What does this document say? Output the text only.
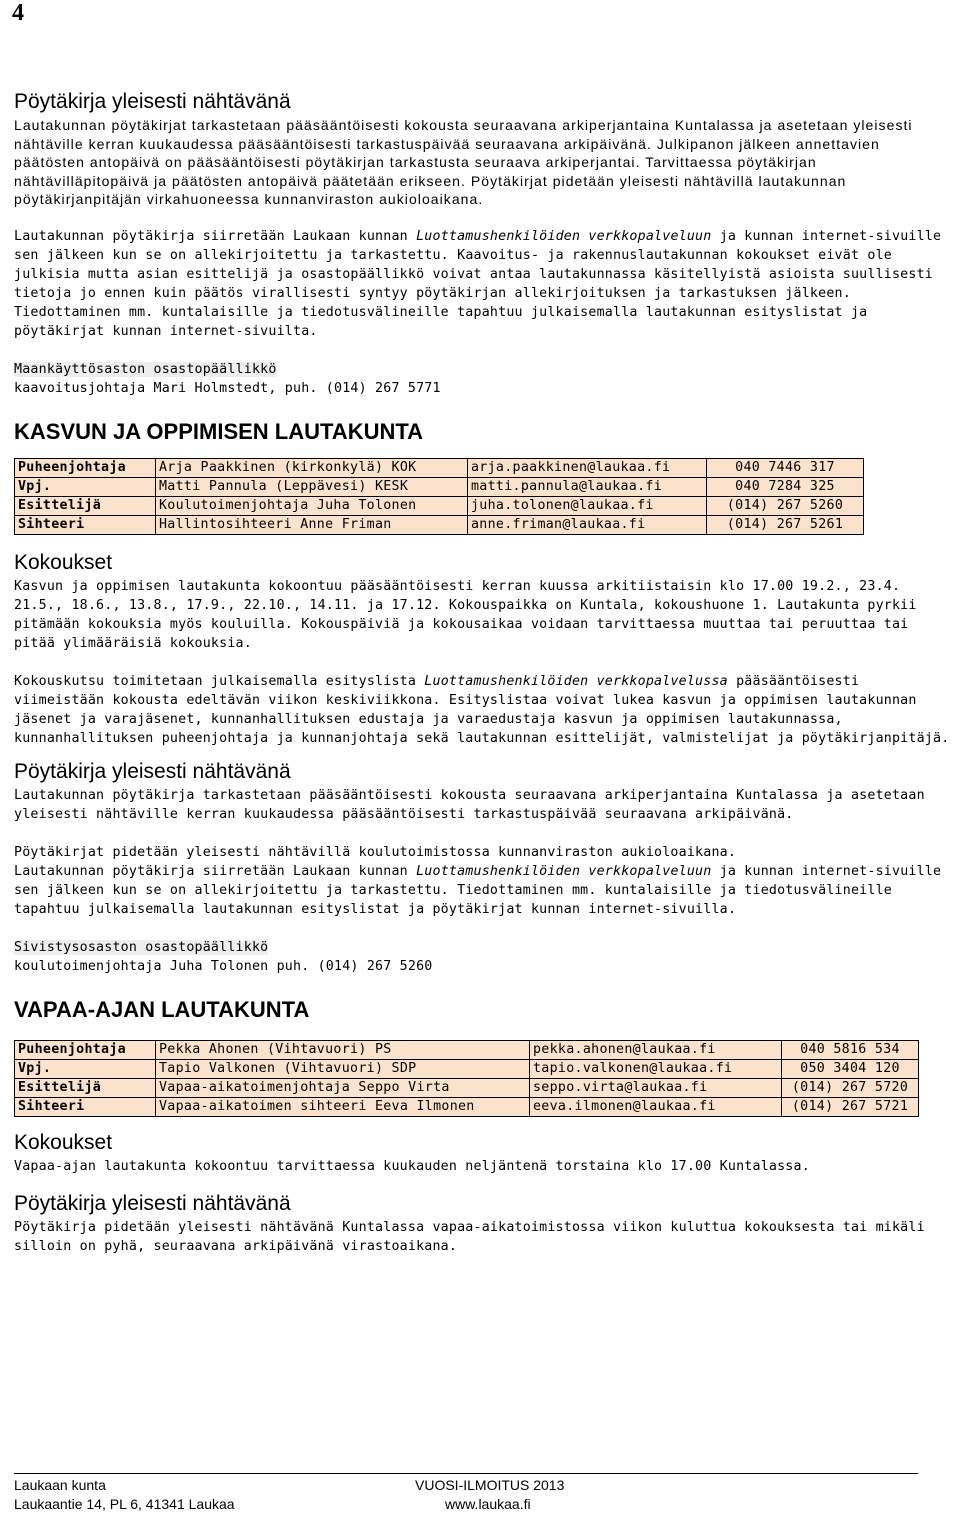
4
Pöytäkirja yleisesti nähtävänä

Lautakunnan pöytäkirjat tarkastetaan pääsääntöisesti kokousta seuraavana arkiperjantaina Kuntalassa ja asetetaan yleisesti nähtäville kerran kuukaudessa pääsääntöisesti tarkastuspäivää seuraavana arkipäivänä. Julkipanon jälkeen annettavien päätösten antopäivä on pääsääntöisesti pöytäkirjan tarkastusta seuraava arkiperjantai. Tarvittaessa pöytäkirjan nähtävilläpitopäivä ja päätösten antopäivä päätetään erikseen. Pöytäkirjat pidetään yleisesti nähtävillä lautakunnan pöytäkirjanpitäjän virkahuoneessa kunnanviraston aukioloaikana.

Lautakunnan pöytäkirja siirretään Laukaan kunnan Luottamushenkilöiden verkkopalveluun ja kunnan internet-sivuille sen jälkeen kun se on allekirjoitettu ja tarkastettu. Kaavoitus- ja rakennuslautakunnan kokoukset eivät ole julkisia mutta asian esittelijä ja osastopäällikkö voivat antaa lautakunnassa käsitellyistä asioista suullisesti tietoja jo ennen kuin päätös virallisesti syntyy pöytäkirjan allekirjoituksen ja tarkastuksen jälkeen. Tiedottaminen mm. kuntalaisille ja tiedotusvälineille tapahtuu julkaisemalla lautakunnan esityslistat ja pöytäkirjat kunnan internet-sivuilta.

Maankäyttösaston osastopäällikkö
kaavoitusjohtaja Mari Holmstedt, puh. (014) 267 5771

KASVUN JA OPPIMISEN LAUTAKUNTA
Puheenjohtaja	Arja Paakkinen (kirkonkylä) KOK	arja.paakkinen@laukaa.fi	040 7446 317
Vpj.	Matti Pannula (Leppävesi) KESK	matti.pannula@laukaa.fi	040 7284 325
Esittelijä	Koulutoimenjohtaja Juha Tolonen	juha.tolonen@laukaa.fi	(014) 267 5260
Sihteeri	Hallintosihteeri Anne Friman	anne.friman@laukaa.fi	(014) 267 5261
Kokoukset

Kasvun ja oppimisen lautakunta kokoontuu pääsääntöisesti kerran kuussa arkitiistaisin klo 17.00 19.2., 23.4. 21.5., 18.6., 13.8., 17.9., 22.10., 14.11. ja 17.12. Kokouspaikka on Kuntala, kokoushuone 1. Lautakunta pyrkii pitämään kokouksia myös kouluilla. Kokouspäiviä ja kokousaikaa voidaan tarvittaessa muuttaa tai peruuttaa tai pitää ylimääräisiä kokouksia.

Kokouskutsu toimitetaan julkaisemalla esityslista Luottamushenkilöiden verkkopalvelussa pääsääntöisesti viimeistään kokousta edeltävän viikon keskiviikkona. Esityslistaa voivat lukea kasvun ja oppimisen lautakunnan jäsenet ja varajäsenet, kunnanhallituksen edustaja ja varaedustaja kasvun ja oppimisen lautakunnassa, kunnanhallituksen puheenjohtaja ja kunnanjohtaja sekä lautakunnan esittelijät, valmistelijat ja pöytäkirjanpitäjä.

Pöytäkirja yleisesti nähtävänä

Lautakunnan pöytäkirja tarkastetaan pääsääntöisesti kokousta seuraavana arkiperjantaina Kuntalassa ja asetetaan yleisesti nähtäville kerran kuukaudessa pääsääntöisesti tarkastuspäivää seuraavana arkipäivänä.

Pöytäkirjat pidetään yleisesti nähtävillä koulutoimistossa kunnanviraston aukioloaikana.

Lautakunnan pöytäkirja siirretään Laukaan kunnan Luottamushenkilöiden verkkopalveluun ja kunnan internet-sivuille sen jälkeen kun se on allekirjoitettu ja tarkastettu. Tiedottaminen mm. kuntalaisille ja tiedotusvälineille tapahtuu julkaisemalla lautakunnan esityslistat ja pöytäkirjat kunnan internet-sivuilla.

Sivistysosaston osastopäällikkö
koulutoimenjohtaja Juha Tolonen puh. (014) 267 5260

VAPAA-AJAN LAUTAKUNTA
Puheenjohtaja	Pekka Ahonen (Vihtavuori) PS	pekka.ahonen@laukaa.fi	040 5816 534
Vpj.	Tapio Valkonen (Vihtavuori) SDP	tapio.valkonen@laukaa.fi	050 3404 120
Esittelijä	Vapaa-aikatoimenjohtaja Seppo Virta	seppo.virta@laukaa.fi	(014) 267 5720
Sihteeri	Vapaa-aikatoimen sihteeri Eeva Ilmonen	eeva.ilmonen@laukaa.fi	(014) 267 5721
Kokoukset

Vapaa-ajan lautakunta kokoontuu tarvittaessa kuukauden neljäntenä torstaina klo 17.00 Kuntalassa.

Pöytäkirja yleisesti nähtävänä

Pöytäkirja pidetään yleisesti nähtävänä Kuntalassa vapaa-aikatoimistossa viikon kuluttua kokouksesta tai mikäli silloin on pyhä, seuraavana arkipäivänä virastoaikana.

Laukaan kunta
Laukaantie 14, PL 6, 41341 Laukaa
VUOSI-ILMOITUS 2013
www.laukaa.fi
